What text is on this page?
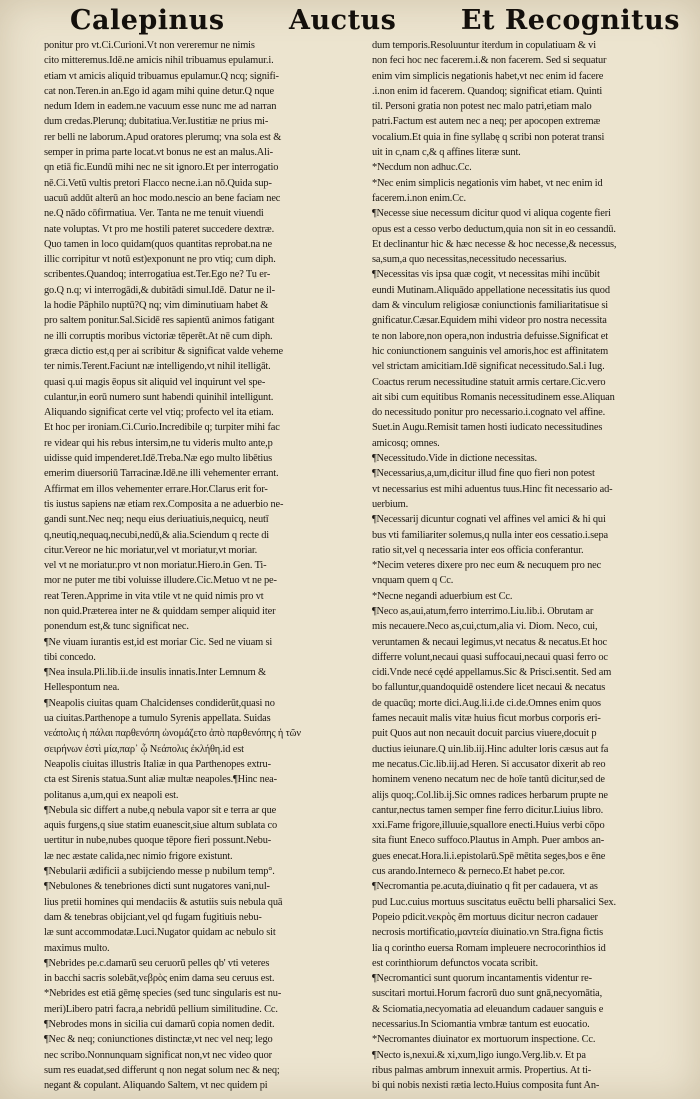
Calepinus Auctus Et Recognitus
ponitur pro vt.Ci.Curioni.Vt non vereremur ne nimis
cito mitteremus.Idē.ne amicis nihil tribuamus epulamur.i.
etiam vt amicis aliquid tribuamus epulamur.Q ncq; signifi-
cat non.Teren.in an.Ego id agam mihi quine detur.Q nque
nedum Idem in eadem.ne vacuum esse nunc me ad narran
dum credas.Plerunq; dubitatiua.Ver.Iustitiæ ne prius mi-
rer belli ne laborum.Apud oratores plerumq; vna sola est &
semper in prima parte locat.vt bonus ne est an malus.Ali-
qn etiā fic.Eundū mihi nec ne sit ignoro.Et per interrogatio
nē.Ci.Vetū vultis pretori Flacco necne.i.an nō.Quida sup-
uacuū addūt alterū an hoc modo.nescio an bene faciam nec
ne.Q nādo cōfirmatiua. Ver. Tanta ne me tenuit viuendi
nate voluptas. Vt pro me hostili pateret succedere dextræ.
Quo tamen in loco quidam(quos quantitas reprobat.na ne
illic corripitur vt notū est)exponunt ne pro vtiq; cum diph.
scribentes.Quandoq; interrogatiua est.Ter.Ego ne? Tu er-
go.Q n.q; vi interrogādi,& dubitādi simul.Idē. Datur ne il-
la hodie Pāphilo nuptū?Q nq; vim diminutiuam habet &
pro saltem ponitur.Sal.Sicidē res sapientū animos fatigant
ne illi corruptis moribus victoriæ tēperēt.At nē cum diph.
græca dictio est,q per ai scribitur & significat valde veheme
ter nimis.Terent.Faciunt næ intelligendo,vt nihil itelligāt.
quasi q.ui magis ēopus sit aliquid vel inquirunt vel spe-
culantur,in eorū numero sunt habendi quinihil intelligunt.
Aliquando significat certe vel vtiq; profecto vel ita etiam.
Et hoc per ironiam.Ci.Curio.Incredibile q; turpiter mihi fac
re videar qui his rebus intersim,ne tu videris multo ante,p
uidisse quid impenderet.Idē.Treba.Næ ego multo libētius
emerim diuersoriū Tarracinæ.Idē.ne illi vehementer errant.
Affirmat em illos vehementer errare.Hor.Clarus erit for-
tis iustus sapiens næ etiam rex.Composita a ne aduerbio ne-
gandi sunt.Nec neq; nequ eius deriuatiuis,nequicq, neutī
q,neutiq,nequaq,necubi,nedū,& alia.Sciendum q recte di
citur.Vereor ne hic moriatur,vel vt moriatur,vt moriar.
vel vt ne moriatur.pro vt non moriatur.Hiero.in Gen. Ti-
mor ne puter me tibi voluisse illudere.Cic.Metuo vt ne pe-
reat Teren.Apprime in vita vtile vt ne quid nimis pro vt
non quid.Præterea inter ne & quiddam semper aliquid iter
ponendum est,& tunc significat nec.
¶Ne viuam iurantis est,id est moriar Cic. Sed ne viuam si
tibi concedo.
¶Nea insula.Pli.lib.ii.de insulis innatis.Inter Lemnum &
Hellespontum nea.
¶Neapolis ciuitas quam Chalcidenses condiderūt,quasi no
ua ciuitas.Parthenope a tumulo Syrenis appellata. Suidas
νεάπολις ἡ πάλαι παρθενόπη ὠνομάζετο ἀπὸ παρθενόπης ἡ τῶν
σειρήνων ἐστὶ μία,παρ᾽ ᾧ Νεάπολις ἐκλήθη.id est
Neapolis ciuitas illustris Italiæ in qua Parthenopes extru-
cta est Sirenis statua.Sunt aliæ multæ neapoles.¶Hinc nea-
politanus a,um,qui ex neapoli est.
¶Nebula sic differt a nube,q nebula vapor sit e terra ar que
aquis furgens,q siue statim euanescit,siue altum sublata co
uertitur in nube,nubes quoque tēpore fieri possunt.Nebu-
læ nec æstate calida,nec nimio frigore existunt.
¶Nebularii ædificii a subijciendo messe p nubilum temp°.
¶Nebulones & tenebriones dicti sunt nugatores vani,nul-
lius pretii homines qui mendaciis & astutiis suis nebula quā
dam & tenebras obijciant,vel qd fugam fugitiuis nebu-
læ sunt accommodatæ.Luci.Nugator quidam ac nebulo sit
maximus multo.
¶Nebrides pe.c.damarū seu ceruorū pelles qb' vti veteres
in bacchi sacris solebāt,νεβρὸς enim dama seu ceruus est.
*Nebrides est etiā gēmę species (sed tunc singularis est nu-
meri)Libero patri facra,a nebridū pellium similitudine. Cc.
¶Nebrodes mons in sicilia cui damarū copia nomen dedit.
¶Nec & neq; coniunctiones distinctæ,vt nec vel neq; lego
nec scribo.Nonnunquam significat non,vt nec video quor
sum res euadat,sed differunt q non negat solum nec & neq;
negant & copulant. Aliquando Saltem, vt nec quidem pi
dum temporis.Resoluuntur iterdum in copulatiuam & vi
non feci hoc nec facerem.i.& non facerem. Sed si sequatur
enim vim simplicis negationis habet,vt nec enim id facere
.i.non enim id facerem. Quandoq; significat etiam. Quinti
til. Personi gratia non potest nec malo patri,etiam malo
patri.Factum est autem nec a neq; per apocopen extremæ
vocalium.Et quia in fine syllabę q scribi non poterat transi
uit in c,nam c,& q affines literæ sunt.
*Necdum non adhuc.Cc.
*Nec enim simplicis negationis vim habet, vt nec enim id
facerem.i.non enim.Cc.
¶Necesse siue necessum dicitur quod vi aliqua cogente fieri
opus est a cesso verbo deductum,quia non sit in eo cessandū.
Et declinantur hic & hæc necesse & hoc necesse,& necessus,
sa,sum,a quo necessitas,necessitudo necessarius.
¶Necessitas vis ipsa quæ cogit, vt necessitas mihi incūbit
eundi Mutinam.Aliquādo appellatione necessitatis ius quod
dam & vinculum religiosæ coniunctionis familiaritatisue si
gnificatur.Cæsar.Equidem mihi videor pro nostra necessita
te non labore,non opera,non industria defuisse.Significat et
hic coniunctionem sanguinis vel amoris,hoc est affinitatem
vel strictam amicitiam.Idē significat necessitudo.Sal.i Iug.
Coactus rerum necessitudine statuit armis certare.Cic.vero
ait sibi cum equitibus Romanis necessitudinem esse.Aliquan
do necessitudo ponitur pro necessario.i.cognato vel affine.
Suet.in Augu.Remisit tamen hosti iudicato necessitudines
amicosq; omnes.
¶Necessitudo.Vide in dictione necessitas.
¶Necessarius,a,um,dicitur illud fine quo fieri non potest
vt necessarius est mihi aduentus tuus.Hinc fit necessario ad-
uerbium.
¶Necessarij dicuntur cognati vel affines vel amici & hi qui
bus vti familiariter solemus,q nulla inter eos cessatio.i.sepa
ratio sit,vel q necessaria inter eos officia conferantur.
*Necim veteres dixere pro nec eum & necuquem pro nec
vnquam quem q Cc.
*Necne negandi aduerbium est Cc.
¶Neco as,aui,atum,ferro interrimo.Liu.lib.i. Obrutam ar
mis necauere.Neco as,cui,ctum,alia vi. Diom. Neco, cui,
veruntamen & necaui legimus,vt necatus & necatus.Et hoc
differre volunt,necaui quasi suffocaui,necaui quasi ferro oc
cidi.Vnde necé cędé appellamus.Sic & Prisci.sentit. Sed am
bo falluntur,quandoquidē ostendere licet necaui & necatus
de quacūq; morte dici.Aug.li.i.de ci.de.Omnes enim quos
fames necauit malis vitæ huius ficut morbus corporis eri-
puit Quos aut non necauit docuit parcius viuere,docuit p
ductius ieiunare.Q uin.lib.iij.Hinc adulter loris cæsus aut fa
me necatus.Cic.lib.iij.ad Heren. Si accusator dixerit ab reo
hominem veneno necatum nec de hoīe tantū dicitur,sed de
alijs quoq;.Col.lib.ij.Sic omnes radices herbarum prupte ne
cantur,nectus tamen semper fine ferro dicitur.Liuius libro.
xxi.Fame frigore,illuuie,squallore enecti.Huius verbi cōpo
sita fiunt Eneco suffoco.Plautus in Amph. Puer ambos an-
gues enecat.Hora.li.i.epistolarū.Spē mētita seges,bos e ēne
cus arando.Interneco & perneco.Et habet pe.cor.
¶Necromantia pe.acuta,diuinatio q fit per cadauera, vt as
pud Luc.cuius mortuus suscitatus euēctu belli pharsalici Sex.
Popeio pdicit.νεκρὸς ēm mortuus dicitur necron cadauer
necrosis mortificatio,μαντεία diuinatio.vn Stra.figna fictis
lia q corintho euersa Romam impleuere necrocorinthios id
est corinthiorum defunctos vocata scribit.
¶Necromantici sunt quorum incantamentis videntur re-
suscitari mortui.Horum facrorū duo sunt gnā,necyomātia,
& Sciomatia,necyomatia ad eleuandum cadauer sanguis e
necessarius.In Sciomantia vmbræ tantum est euocatio.
*Necromantes diuinator ex mortuorum inspectione. Cc.
¶Necto is,nexui.& xi,xum,ligo iungo.Verg.lib.v. Et pa
ribus palmas ambrum innexuit armis. Propertius. At ti-
bi qui nobis nexisti rætia lecto.Huius composita funt An-
